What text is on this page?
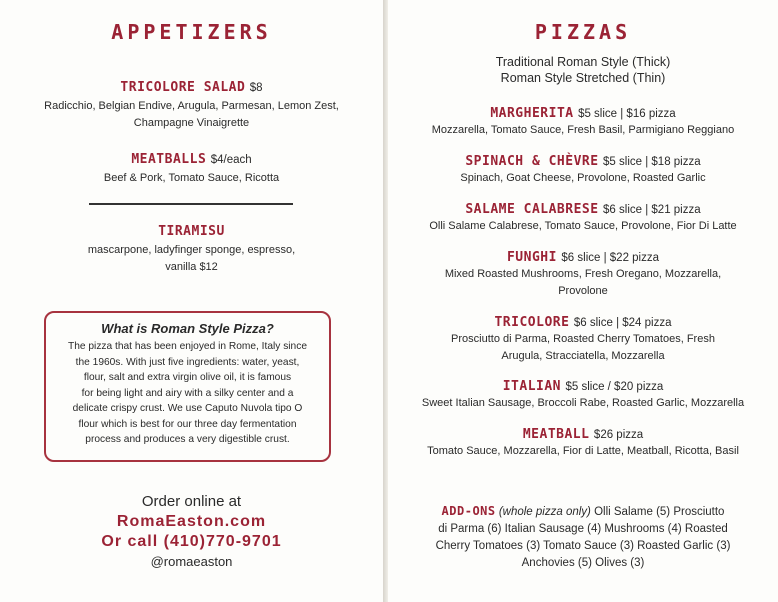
APPETIZERS
TRICOLORE SALAD $8
Radicchio, Belgian Endive, Arugula, Parmesan, Lemon Zest,
Champagne Vinaigrette
MEATBALLS $4/each
Beef & Pork, Tomato Sauce, Ricotta
TIRAMISU
mascarpone, ladyfinger sponge, espresso,
vanilla $12
What is Roman Style Pizza?
The pizza that has been enjoyed in Rome, Italy since
the 1960s. With just five ingredients: water, yeast,
flour, salt and extra virgin olive oil, it is famous
for being light and airy with a silky center and a
delicate crispy crust. We use Caputo Nuvola tipo O
flour which is best for our three day fermentation
process and produces a very digestible crust.
Order online at
RomaEaston.com
Or call (410)770-9701
@romaeaston
PIZZAS
Traditional Roman Style (Thick)
Roman Style Stretched (Thin)
MARGHERITA $5 slice | $16 pizza
Mozzarella, Tomato Sauce, Fresh Basil, Parmigiano Reggiano
SPINACH & CHÈVRE $5 slice | $18 pizza
Spinach, Goat Cheese, Provolone, Roasted Garlic
SALAME CALABRESE $6 slice | $21 pizza
Olli Salame Calabrese, Tomato Sauce, Provolone, Fior Di Latte
FUNGHI $6 slice | $22 pizza
Mixed Roasted Mushrooms, Fresh Oregano, Mozzarella,
Provolone
TRICOLORE $6 slice | $24 pizza
Prosciutto di Parma, Roasted Cherry Tomatoes, Fresh
Arugula, Stracciatella, Mozzarella
ITALIAN $5 slice / $20 pizza
Sweet Italian Sausage, Broccoli Rabe, Roasted Garlic, Mozzarella
MEATBALL $26 pizza
Tomato Sauce, Mozzarella, Fior di Latte, Meatball, Ricotta, Basil
ADD-ONS (whole pizza only) Olli Salame (5) Prosciutto
di Parma (6) Italian Sausage (4) Mushrooms (4) Roasted
Cherry Tomatoes (3) Tomato Sauce (3) Roasted Garlic (3)
Anchovies (5) Olives (3)
